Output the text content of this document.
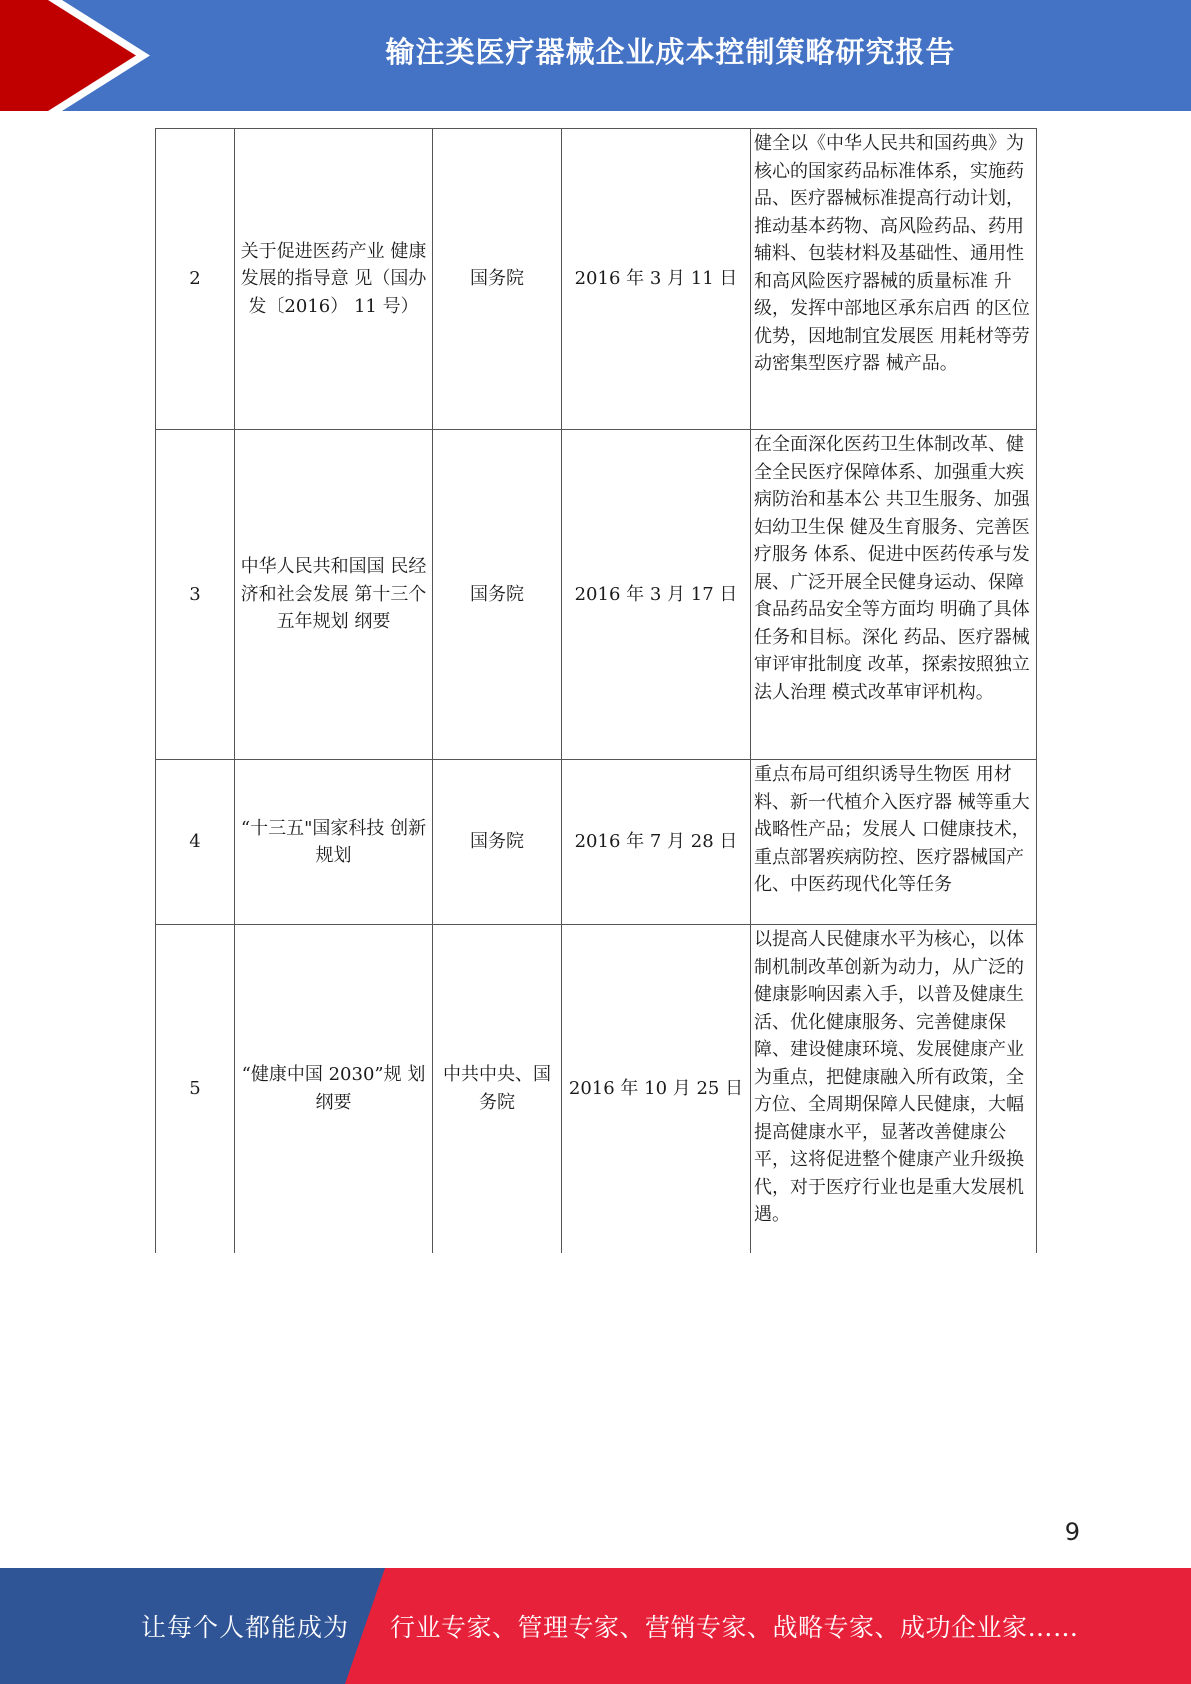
输注类医疗器械企业成本控制策略研究报告
2	关于促进医药产业 健康发展的指导意 见（国办发〔2016） 11 号）	国务院	2016 年 3 月 11 日	健全以《中华人民共和国药典》为核心的国家药品标准体系，实施药品、医疗器械标准提高行动计划，推动基本药物、高风险药品、药用辅料、包装材料及基础性、通用性和高风险医疗器械的质量标准 升级，发挥中部地区承东启西 的区位优势，因地制宜发展医 用耗材等劳动密集型医疗器 械产品。
3	中华人民共和国国 民经济和社会发展 第十三个五年规划 纲要	国务院	2016 年 3 月 17 日	在全面深化医药卫生体制改革、健全全民医疗保障体系、加强重大疾病防治和基本公 共卫生服务、加强妇幼卫生保 健及生育服务、完善医疗服务 体系、促进中医药传承与发 展、广泛开展全民健身运动、保障食品药品安全等方面均 明确了具体任务和目标。深化 药品、医疗器械审评审批制度 改革，探索按照独立法人治理 模式改革审评机构。
4	“十三五"国家科技 创新规划	国务院	2016 年 7 月 28 日	重点布局可组织诱导生物医 用材料、新一代植介入医疗器 械等重大战略性产品；发展人 口健康技术，重点部署疾病防控、医疗器械国产化、中医药现代化等任务
5	“健康中国 2030”规 划纲要	中共中央、国务院	2016 年 10 月 25 日	以提高人民健康水平为核心，以体制机制改革创新为动力，从广泛的健康影响因素入手，以普及健康生活、优化健康服务、完善健康保障、建设健康环境、发展健康产业为重点，把健康融入所有政策，全方位、全周期保障人民健康，大幅提高健康水平，显著改善健康公平，这将促进整个健康产业升级换代，对于医疗行业也是重大发展机遇。
9
让每个人都能成为	行业专家、管理专家、营销专家、战略专家、成功企业家……
